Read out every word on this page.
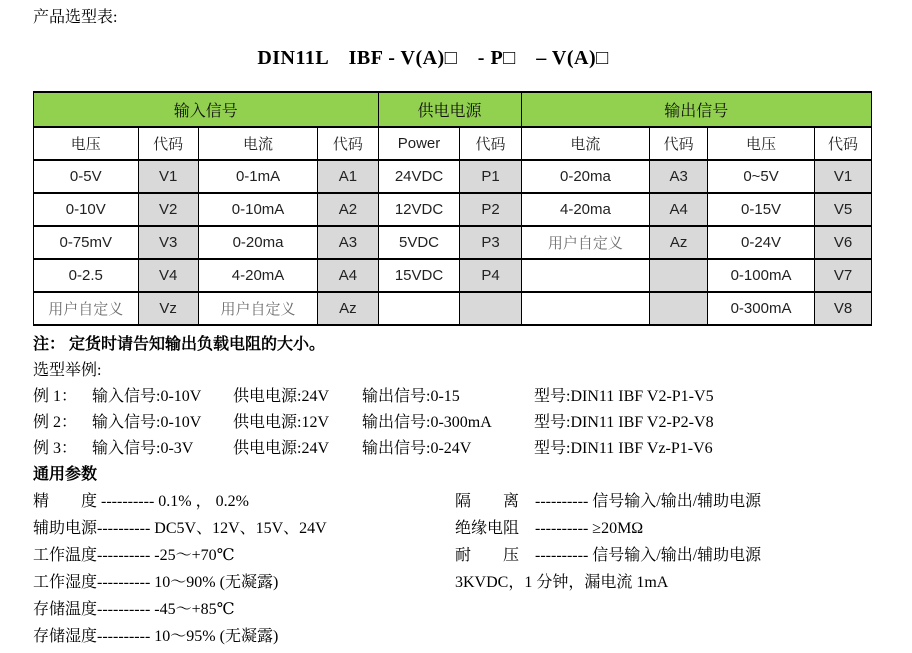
产品选型表:
DIN11L　IBF - V(A)□　- P□　– V(A)□
输入信号				供电电源		输出信号			
电压	代码	电流	代码	Power	代码	电流	代码	电压	代码
0-5V	V1	0-1mA	A1	24VDC	P1	0-20ma	A3	0~5V	V1
0-10V	V2	0-10mA	A2	12VDC	P2	4-20ma	A4	0-15V	V5
0-75mV	V3	0-20ma	A3	5VDC	P3	用户自定义	Az	0-24V	V6
0-2.5	V4	4-20mA	A4	15VDC	P4			0-100mA	V7
用户自定义	Vz	用户自定义	Az					0-300mA	V8
注： 定货时请告知输出负载电阻的大小。
选型举例:
例 1： 输入信号:0-10V 供电电源:24V 输出信号:0-15	型号:DIN11 IBF V2-P1-V5
例 2： 输入信号:0-10V 供电电源:12V 输出信号:0-300mA	型号:DIN11 IBF V2-P2-V8
例 3： 输入信号:0-3V 供电电源:24V 输出信号:0-24V	型号:DIN11 IBF Vz-P1-V6
通用参数
精　　度 ---------- 0.1% ， 0.2%
辅助电源---------- DC5V、12V、15V、24V
工作温度---------- -25～+70℃
工作湿度---------- 10～90% (无凝露)
存储温度---------- -45～+85℃
存储湿度---------- 10～95% (无凝露)
隔　　离　---------- 信号输入/输出/辅助电源
绝缘电阻　---------- ≥20MΩ
耐　　压　---------- 信号输入/输出/辅助电源
3KVDC，1 分钟，漏电流 1mA
